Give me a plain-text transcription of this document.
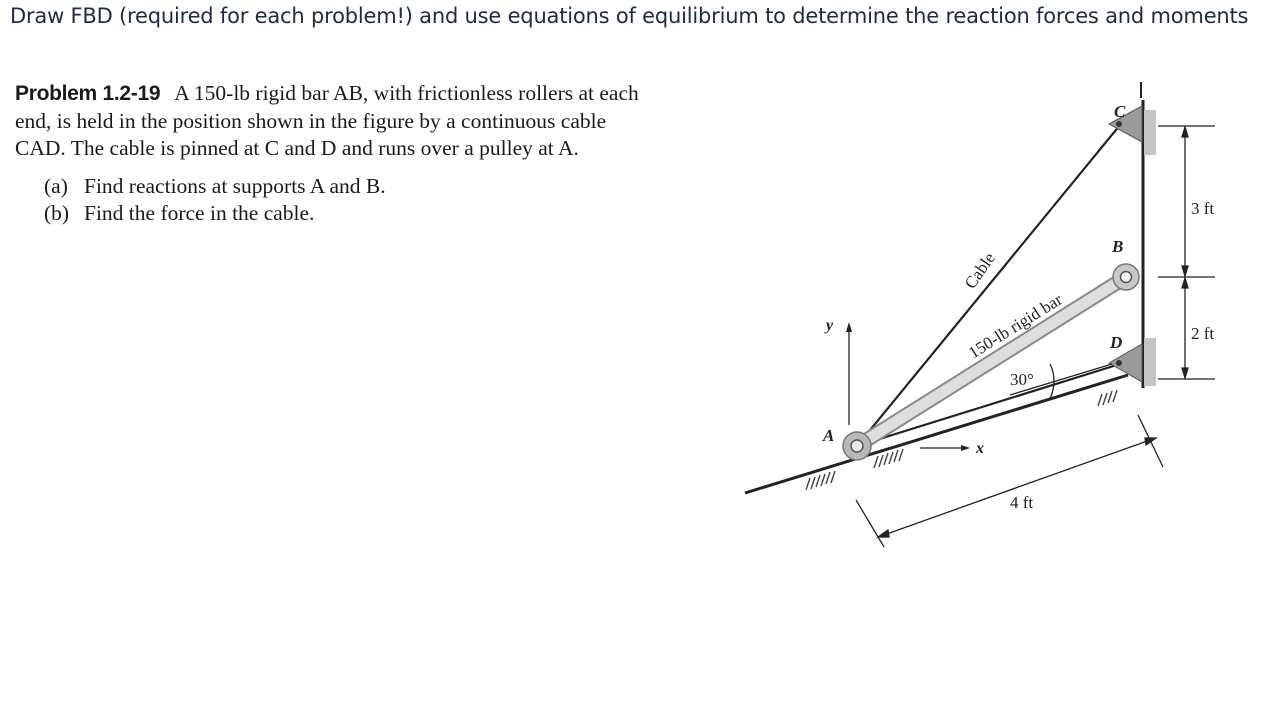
Draw FBD (required for each problem!) and use equations of equilibrium to determine the reaction forces and moments
Problem 1.2-19 A 150-lb rigid bar AB, with frictionless rollers at each
end, is held in the position shown in the figure by a continuous cable
CAD. The cable is pinned at C and D and runs over a pulley at A.
(a) Find reactions at supports A and B.
(b) Find the force in the cable.
C
B
D
A
y
x
Cable
150-lb rigid bar
30°
3 ft
2 ft
4 ft
